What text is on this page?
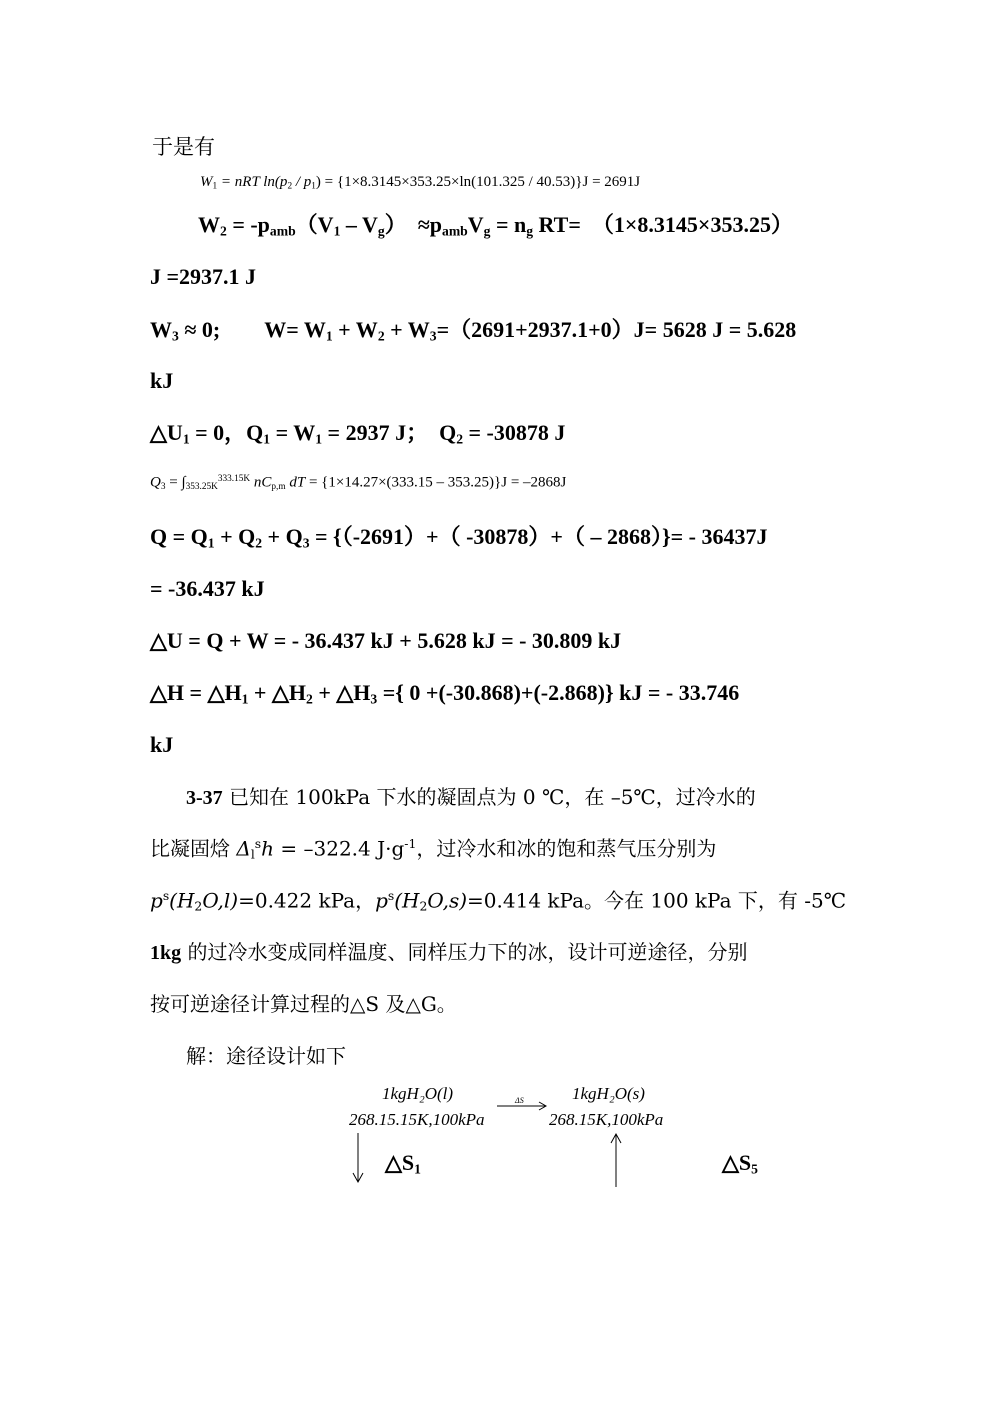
于是有
$W_1$ = nRT $\ln(p_2 / p_1) = \{1\times 8.3145\times 353.25\times\ln(101.325 / 40.53)\}J = 2691J$
$W_2 = -p_{amb}(V_1 - V_g)$　$\approx p_{amb}V_g = n_g$ RT=　（1×8.3145×353.25）
J =2937.1 J
$W_3 \approx 0$;　　$W= W_1 + W_2 + W_3=(2691+2937.1+0)J= 5628$ J = 5.628
kJ
$\triangle U_1 = 0$，$Q_1 = W_1 = 2937$ J；　$Q_2 = -30878$ J
$Q_3 = \int_{353.25K}^{333.15K}$ $nC_{p,m}$ dT = {1×14.27×(333.15 – 353.25)}J = –2868J
$Q = Q_1 + Q_2 + Q_3 = \{(-2691)+$（ -30878）+（ – 2868）}= - 36437J
= -36.437 kJ
△U = Q + W = - 36.437 kJ + 5.628 kJ = - 30.809 kJ
△H = $\triangle H_1$ + $\triangle H_2$ + $\triangle H_3$ ={ 0 +(-30.868)+(-2.868)} kJ = - 33.746
kJ
3-37 已知在 100kPa 下水的凝固点为 0 ℃，在 –5℃，过冷水的
比凝固焓 $\Delta_l^sh = -322.4$ $J\cdot g^{-1}$，过冷水和冰的饱和蒸气压分别为
$p^s(H_2O,l)=0.422$ kPa，$p^s(H_2O,s)=0.414$ kPa。今在 100 kPa 下，有 -5℃
1kg 的过冷水变成同样温度、同样压力下的冰，设计可逆途径，分别
按可逆途径计算过程的△S 及△G。
解：途径设计如下
1kgH₂O(l)
268.15.15K,100kPa
ΔS	1kgH₂O(s)
268.15K,100kPa
$\triangle S_1$	$\triangle S_5$
